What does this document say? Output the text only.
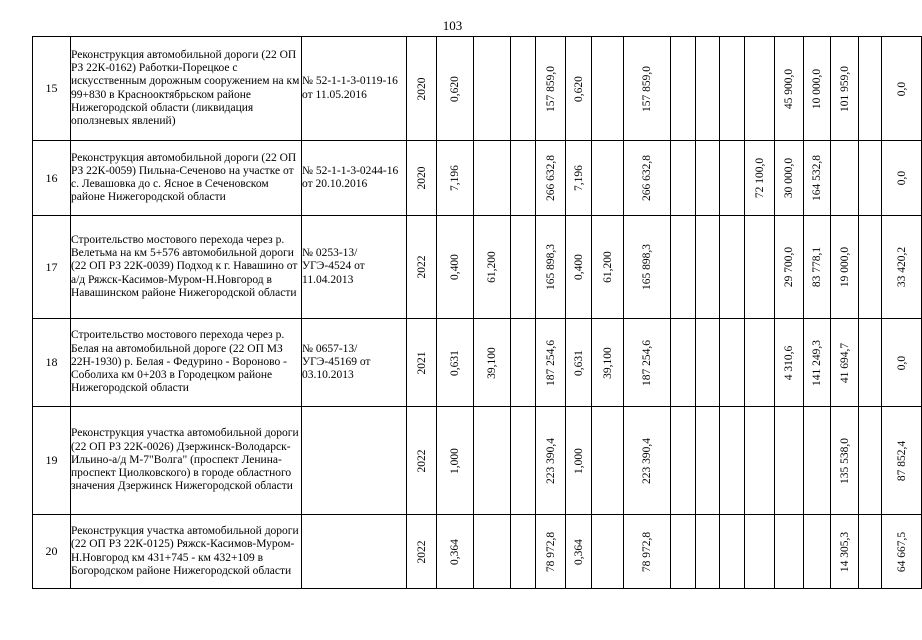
103
15	Реконструкция автомобильной дороги (22 ОП РЗ 22К-0162) Работки-Порецкое с искусственным дорожным сооружением на км 99+830 в Краснооктябрьском районе Нижегородской области (ликвидация оползневых явлений)	№ 52-1-1-3-0119-16 от 11.05.2016	2020	0,620			157 859,0	0,620		157 859,0					45 900,0	10 000,0	101 959,0		0,0

16	Реконструкция автомобильной дороги (22 ОП РЗ 22К-0059) Пильна-Сеченово на участке от с. Левашовка до с. Ясное в Сеченовском районе Нижегородской области	№ 52-1-1-3-0244-16 от 20.10.2016	2020	7,196			266 632,8	7,196		266 632,8				72 100,0	30 000,0	164 532,8			0,0

17	Строительство мостового перехода через р. Велетьма на км 5+576 автомобильной дороги (22 ОП РЗ 22К-0039) Подход к г. Навашино от а/д Ряжск-Касимов-Муром-Н.Новгород в Навашинском районе Нижегородской области	№ 0253-13/УГЭ-4524 от 11.04.2013	2022	0,400	61,200		165 898,3	0,400	61,200	165 898,3					29 700,0	83 778,1	19 000,0		33 420,2

18	Строительство мостового перехода через р. Белая на автомобильной дороге (22 ОП МЗ 22Н-1930) р. Белая - Федурино - Вороново - Соболиха км 0+203 в Городецком районе Нижегородской области	№ 0657-13/УГЭ-45169 от 03.10.2013	2021	0,631	39,100		187 254,6	0,631	39,100	187 254,6					4 310,6	141 249,3	41 694,7		0,0

19	Реконструкция участка автомобильной дороги (22 ОП РЗ 22К-0026) Дзержинск-Володарск-Ильино-а/д М-7"Волга" (проспект Ленина-проспект Циолковского) в городе областного значения Дзержинск Нижегородской области		2022	1,000			223 390,4	1,000		223 390,4							135 538,0		87 852,4

20	Реконструкция участка автомобильной дороги (22 ОП РЗ 22К-0125) Ряжск-Касимов-Муром-Н.Новгород км 431+745 - км 432+109 в Богородском районе Нижегородской области		2022	0,364			78 972,8	0,364		78 972,8							14 305,3		64 667,5
